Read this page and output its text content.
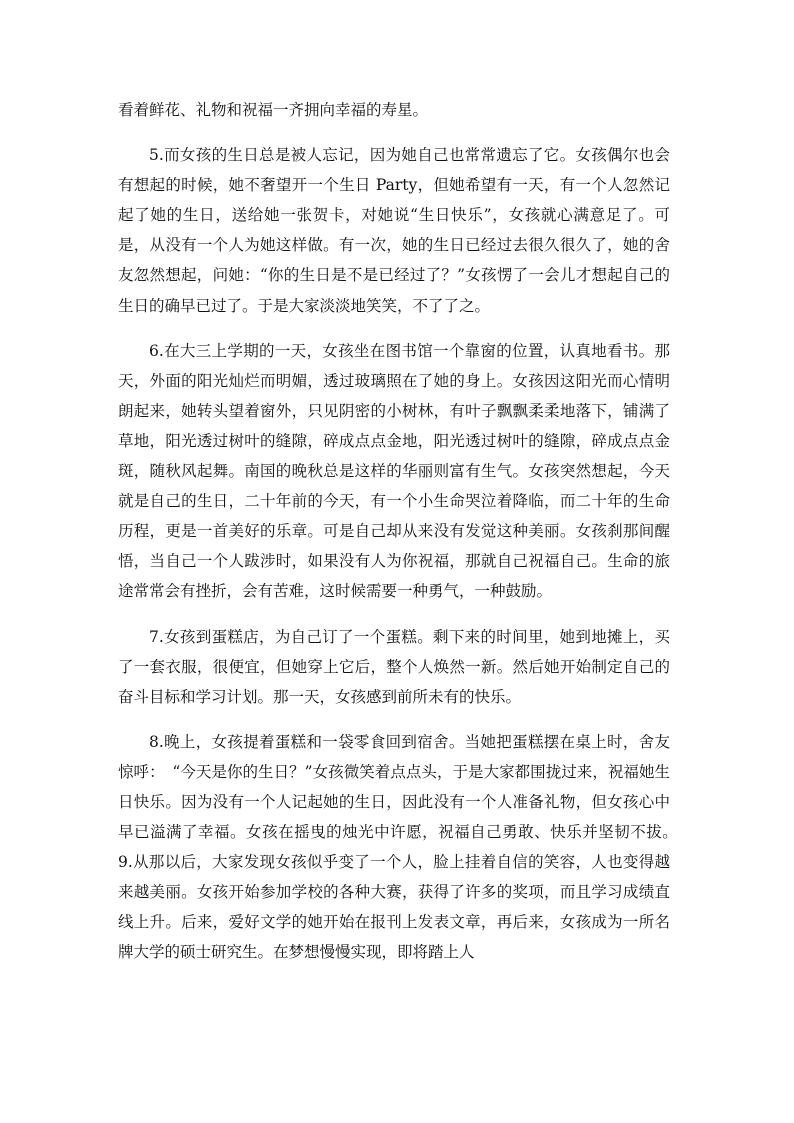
看着鲜花、礼物和祝福一齐拥向幸福的寿星。

5.而女孩的生日总是被人忘记，因为她自己也常常遗忘了它。女孩偶尔也会有想起的时候，她不奢望开一个生日 Party，但她希望有一天，有一个人忽然记起了她的生日，送给她一张贺卡，对她说“生日快乐”，女孩就心满意足了。可是，从没有一个人为她这样做。有一次，她的生日已经过去很久很久了，她的舍友忽然想起，问她：“你的生日是不是已经过了？”女孩愣了一会儿才想起自己的生日的确早已过了。于是大家淡淡地笑笑，不了了之。

6.在大三上学期的一天，女孩坐在图书馆一个靠窗的位置，认真地看书。那天，外面的阳光灿烂而明媚，透过玻璃照在了她的身上。女孩因这阳光而心情明朗起来，她转头望着窗外，只见阴密的小树林，有叶子飘飘柔柔地落下，铺满了草地，阳光透过树叶的缝隙，碎成点点金地，阳光透过树叶的缝隙，碎成点点金斑，随秋风起舞。南国的晚秋总是这样的华丽则富有生气。女孩突然想起，今天就是自己的生日，二十年前的今天，有一个小生命哭泣着降临，而二十年的生命历程，更是一首美好的乐章。可是自己却从来没有发觉这种美丽。女孩刹那间醒悟，当自己一个人跋涉时，如果没有人为你祝福，那就自己祝福自己。生命的旅途常常会有挫折，会有苦难，这时候需要一种勇气，一种鼓励。

7.女孩到蛋糕店，为自己订了一个蛋糕。剩下来的时间里，她到地摊上，买了一套衣服，很便宜，但她穿上它后，整个人焕然一新。然后她开始制定自己的奋斗目标和学习计划。那一天，女孩感到前所未有的快乐。

8.晚上，女孩提着蛋糕和一袋零食回到宿舍。当她把蛋糕摆在桌上时，舍友惊呼：　“今天是你的生日？”女孩微笑着点点头，于是大家都围拢过来，祝福她生日快乐。因为没有一个人记起她的生日，因此没有一个人准备礼物，但女孩心中早已溢满了幸福。女孩在摇曳的烛光中许愿，祝福自己勇敢、快乐并坚韧不拔。　　9.从那以后，大家发现女孩似乎变了一个人，脸上挂着自信的笑容，人也变得越来越美丽。女孩开始参加学校的各种大赛，获得了许多的奖项，而且学习成绩直线上升。后来，爱好文学的她开始在报刊上发表文章，再后来，女孩成为一所名牌大学的硕士研究生。在梦想慢慢实现，即将踏上人
